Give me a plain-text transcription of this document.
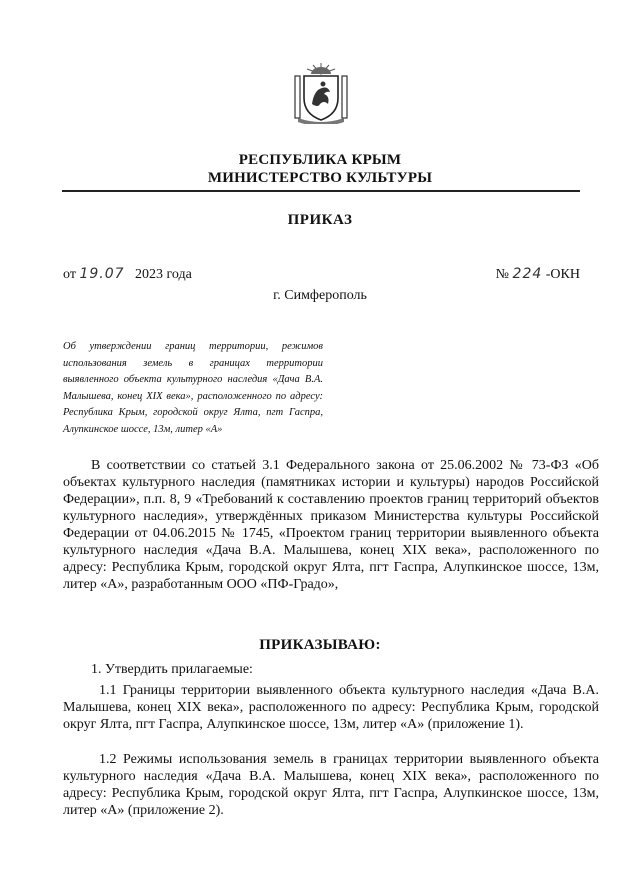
РЕСПУБЛИКА КРЫМ
МИНИСТЕРСТВО КУЛЬТУРЫ
ПРИКАЗ
от 19.07 2023 года	№ 224 -ОКН
г. Симферополь
Об утверждении границ территории, режимов использования земель в границах территории выявленного объекта культурного наследия «Дача В.А. Малышева, конец XIX века», расположенного по адресу: Республика Крым, городской округ Ялта, пгт Гаспра, Алупкинское шоссе, 13м, литер «А»
В соответствии со статьей 3.1 Федерального закона от 25.06.2002 № 73-ФЗ «Об объектах культурного наследия (памятниках истории и культуры) народов Российской Федерации», п.п. 8, 9 «Требований к составлению проектов границ территорий объектов культурного наследия», утверждённых приказом Министерства культуры Российской Федерации от 04.06.2015 № 1745, «Проектом границ территории выявленного объекта культурного наследия «Дача В.А. Малышева, конец XIX века», расположенного по адресу: Республика Крым, городской округ Ялта, пгт Гаспра, Алупкинское шоссе, 13м, литер «А», разработанным ООО «ПФ-Градо»,
ПРИКАЗЫВАЮ:
1. Утвердить прилагаемые:
1.1 Границы территории выявленного объекта культурного наследия «Дача В.А. Малышева, конец XIX века», расположенного по адресу: Республика Крым, городской округ Ялта, пгт Гаспра, Алупкинское шоссе, 13м, литер «А» (приложение 1).
1.2 Режимы использования земель в границах территории выявленного объекта культурного наследия «Дача В.А. Малышева, конец XIX века», расположенного по адресу: Республика Крым, городской округ Ялта, пгт Гаспра, Алупкинское шоссе, 13м, литер «А» (приложение 2).
